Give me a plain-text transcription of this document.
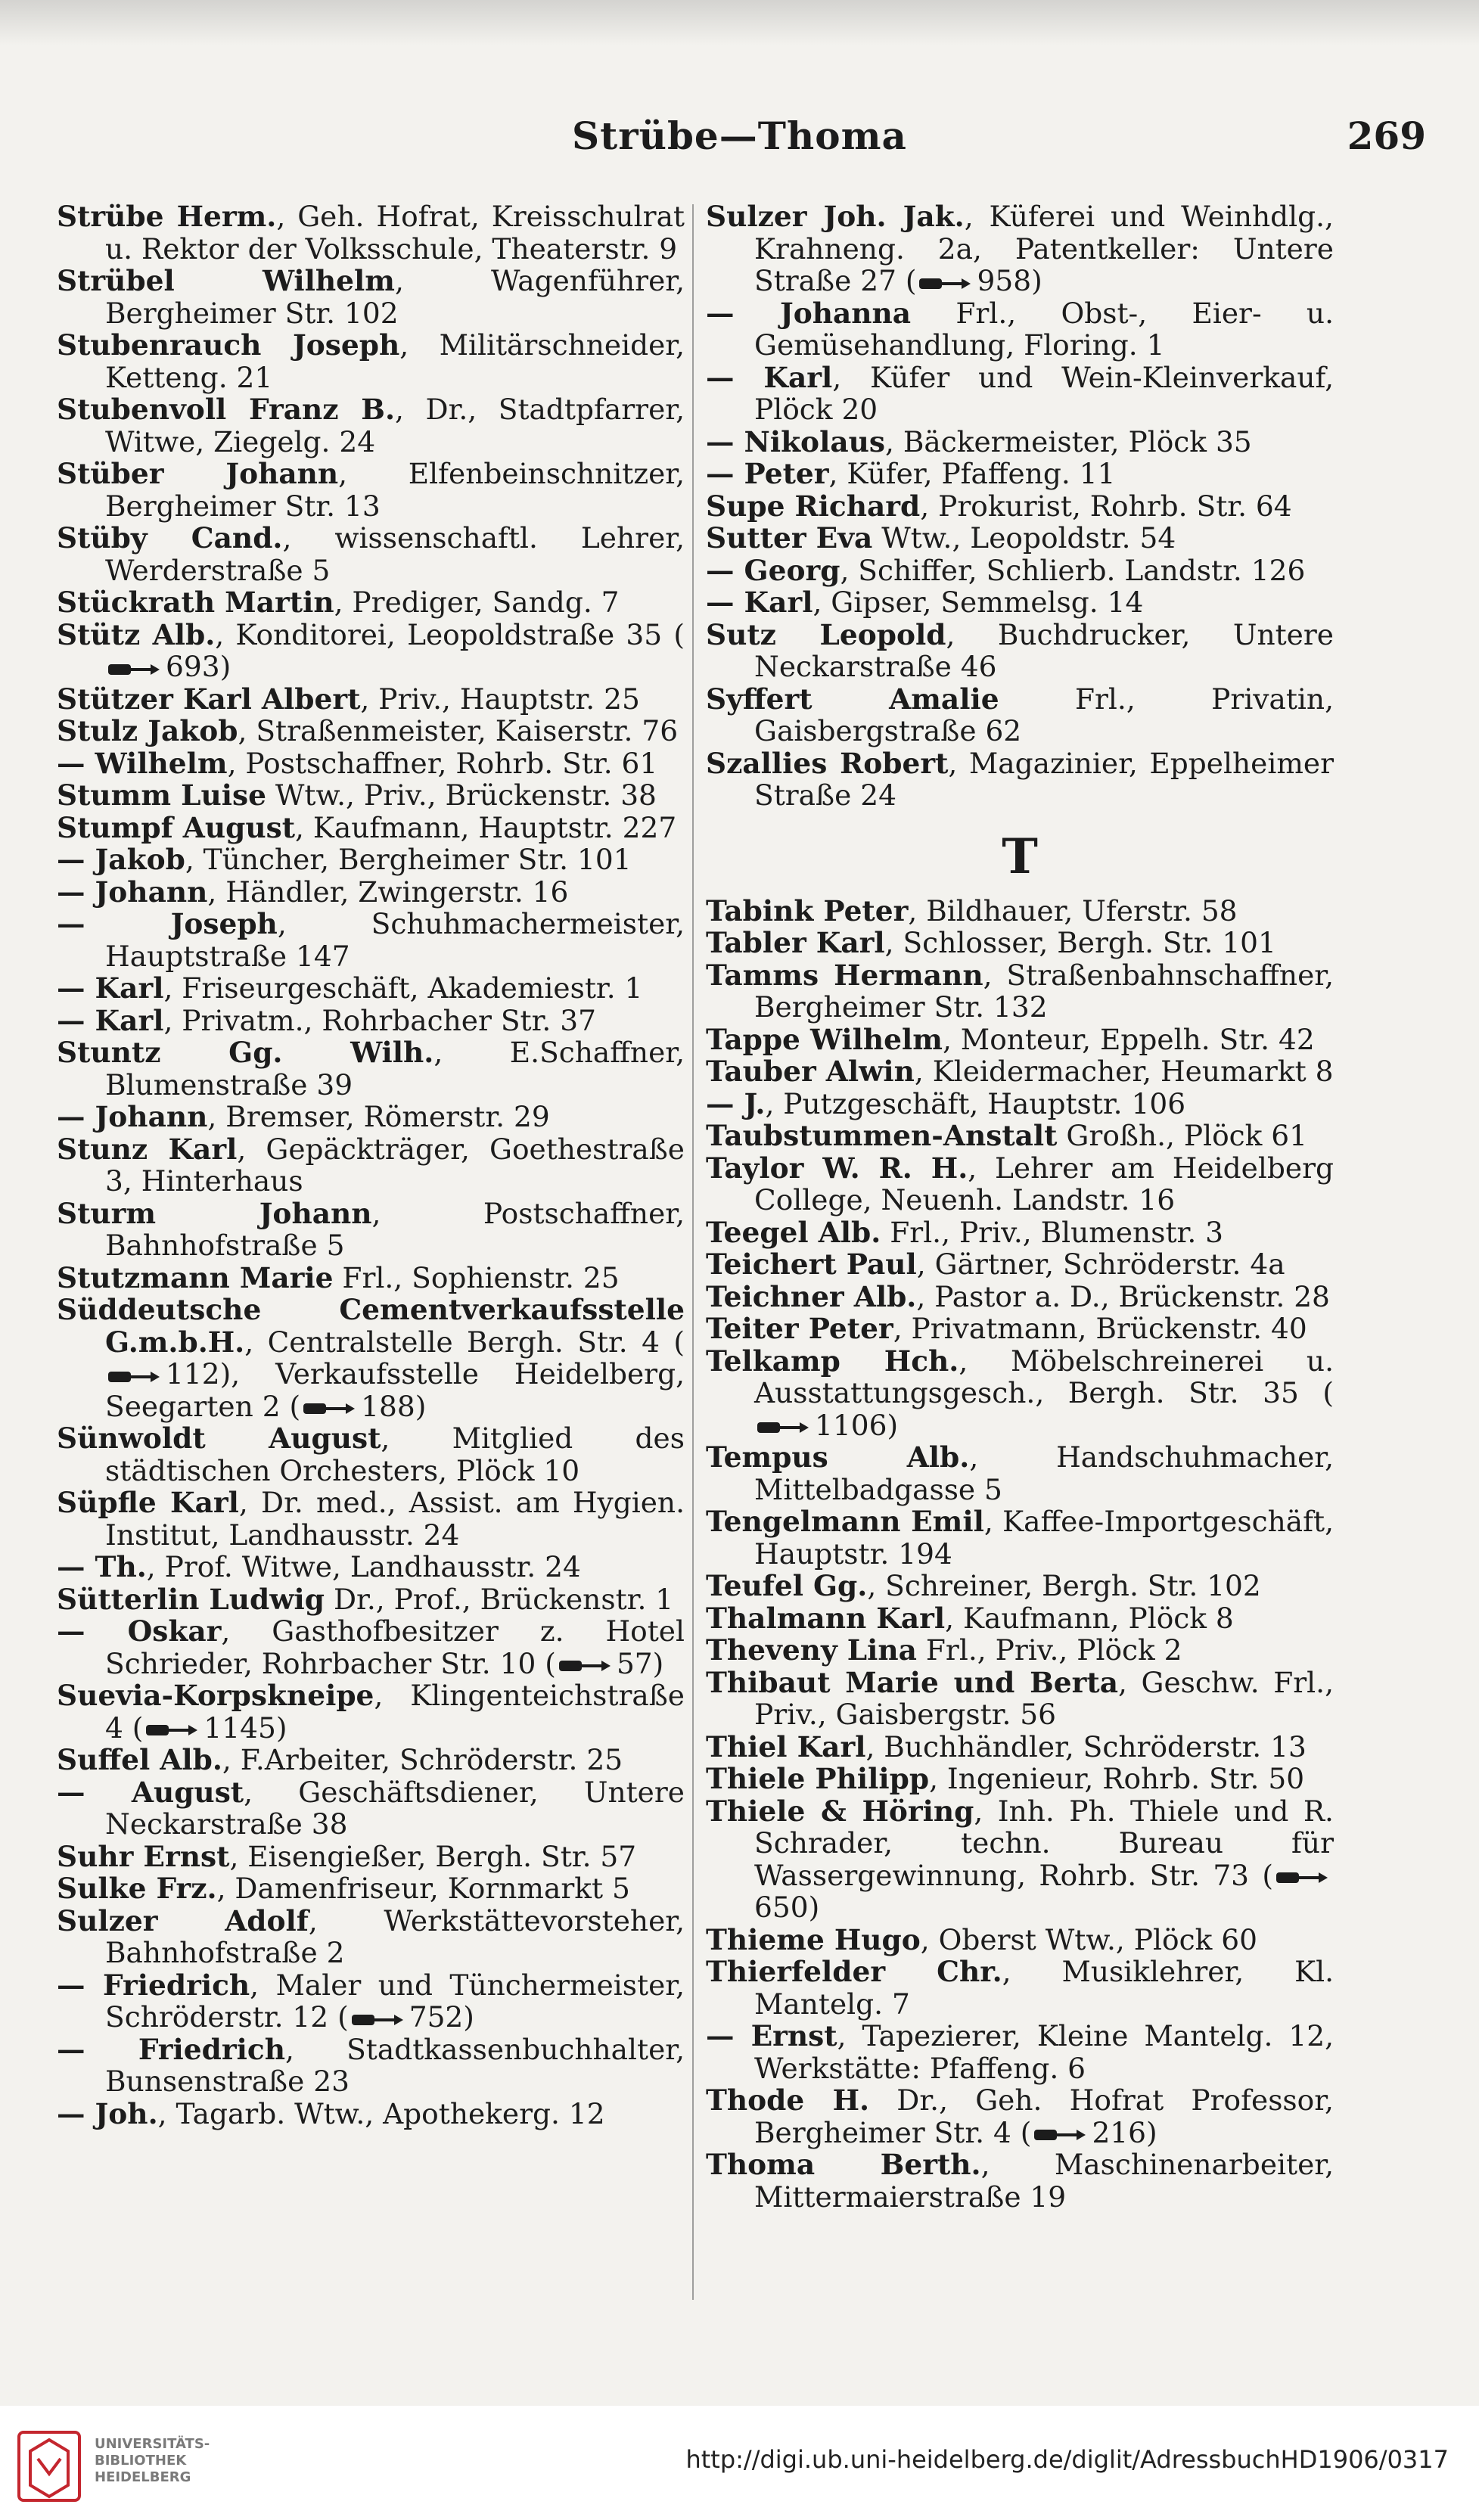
Strübe—Thoma	269

Strübe Herm., Geh. Hofrat, Kreisschulrat u. Rektor der Volksschule, Theaterstr. 9

Strübel Wilhelm, Wagenführer, Bergheimer Str. 102

Stubenrauch Joseph, Militärschneider, Ketteng. 21

Stubenvoll Franz B., Dr., Stadtpfarrer, Witwe, Ziegelg. 24

Stüber Johann, Elfenbeinschnitzer, Bergheimer Str. 13

Stüby Cand., wissenschaftl. Lehrer, Werderstraße 5

Stückrath Martin, Prediger, Sandg. 7

Stütz Alb., Konditorei, Leopoldstraße 35 (
693)

Stützer Karl Albert, Priv., Hauptstr. 25

Stulz Jakob, Straßenmeister, Kaiserstr. 76

— Wilhelm, Postschaffner, Rohrb. Str. 61

Stumm Luise Wtw., Priv., Brückenstr. 38

Stumpf August, Kaufmann, Hauptstr. 227

— Jakob, Tüncher, Bergheimer Str. 101

— Johann, Händler, Zwingerstr. 16

— Joseph, Schuhmachermeister, Hauptstraße 147

— Karl, Friseurgeschäft, Akademiestr. 1

— Karl, Privatm., Rohrbacher Str. 37

Stuntz Gg. Wilh., E.Schaffner, Blumenstraße 39

— Johann, Bremser, Römerstr. 29

Stunz Karl, Gepäckträger, Goethestraße 3, Hinterhaus

Sturm Johann, Postschaffner, Bahnhofstraße 5

Stutzmann Marie Frl., Sophienstr. 25

Süddeutsche Cementverkaufsstelle G.m.b.H., Centralstelle Bergh. Str. 4 (
112), Verkaufsstelle Heidelberg, Seegarten 2 ( 188)

Sünwoldt August, Mitglied des städtischen Orchesters, Plöck 10

Süpfle Karl, Dr. med., Assist. am Hygien. Institut, Landhausstr. 24

— Th., Prof. Witwe, Landhausstr. 24

Sütterlin Ludwig Dr., Prof., Brückenstr. 1

— Oskar, Gasthofbesitzer z. Hotel Schrieder, Rohrbacher Str. 10 ( 57)

Suevia-Korpskneipe, Klingenteichstraße 4 ( 1145)

Suffel Alb., F.Arbeiter, Schröderstr. 25

— August, Geschäftsdiener, Untere Neckarstraße 38

Suhr Ernst, Eisengießer, Bergh. Str. 57

Sulke Frz., Damenfriseur, Kornmarkt 5

Sulzer Adolf, Werkstättevorsteher, Bahnhofstraße 2

— Friedrich, Maler und Tünchermeister, Schröderstr. 12 ( 752)

— Friedrich, Stadtkassenbuchhalter, Bunsenstraße 23

— Joh., Tagarb. Wtw., Apothekerg. 12

Sulzer Joh. Jak., Küferei und Weinhdlg., Krahneng. 2a, Patentkeller: Untere Straße 27 ( 958)

— Johanna Frl., Obst-, Eier- u. Gemüsehandlung, Floring. 1

— Karl, Küfer und Wein-Kleinverkauf, Plöck 20

— Nikolaus, Bäckermeister, Plöck 35

— Peter, Küfer, Pfaffeng. 11

Supe Richard, Prokurist, Rohrb. Str. 64

Sutter Eva Wtw., Leopoldstr. 54

— Georg, Schiffer, Schlierb. Landstr. 126

— Karl, Gipser, Semmelsg. 14

Sutz Leopold, Buchdrucker, Untere Neckarstraße 46

Syffert Amalie Frl., Privatin, Gaisbergstraße 62

Szallies Robert, Magazinier, Eppelheimer Straße 24

T

Tabink Peter, Bildhauer, Uferstr. 58

Tabler Karl, Schlosser, Bergh. Str. 101

Tamms Hermann, Straßenbahnschaffner, Bergheimer Str. 132

Tappe Wilhelm, Monteur, Eppelh. Str. 42

Tauber Alwin, Kleidermacher, Heumarkt 8

— J., Putzgeschäft, Hauptstr. 106

Taubstummen-Anstalt Großh., Plöck 61

Taylor W. R. H., Lehrer am Heidelberg College, Neuenh. Landstr. 16

Teegel Alb. Frl., Priv., Blumenstr. 3

Teichert Paul, Gärtner, Schröderstr. 4a

Teichner Alb., Pastor a. D., Brückenstr. 28

Teiter Peter, Privatmann, Brückenstr. 40

Telkamp Hch., Möbelschreinerei u. Ausstattungsgesch., Bergh. Str. 35 (
1106)

Tempus Alb., Handschuhmacher, Mittelbadgasse 5

Tengelmann Emil, Kaffee-Importgeschäft, Hauptstr. 194

Teufel Gg., Schreiner, Bergh. Str. 102

Thalmann Karl, Kaufmann, Plöck 8

Theveny Lina Frl., Priv., Plöck 2

Thibaut Marie und Berta, Geschw. Frl., Priv., Gaisbergstr. 56

Thiel Karl, Buchhändler, Schröderstr. 13

Thiele Philipp, Ingenieur, Rohrb. Str. 50

Thiele & Höring, Inh. Ph. Thiele und R. Schrader, techn. Bureau für Wassergewinnung, Rohrb. Str. 73 (
650)

Thieme Hugo, Oberst Wtw., Plöck 60

Thierfelder Chr., Musiklehrer, Kl. Mantelg. 7

— Ernst, Tapezierer, Kleine Mantelg. 12, Werkstätte: Pfaffeng. 6

Thode H. Dr., Geh. Hofrat Professor, Bergheimer Str. 4 ( 216)

Thoma Berth., Maschinenarbeiter, Mittermaierstraße 19

UNIVERSITÄTS-
BIBLIOTHEK
HEIDELBERG
http://digi.ub.uni-heidelberg.de/diglit/AdressbuchHD1906/0317
